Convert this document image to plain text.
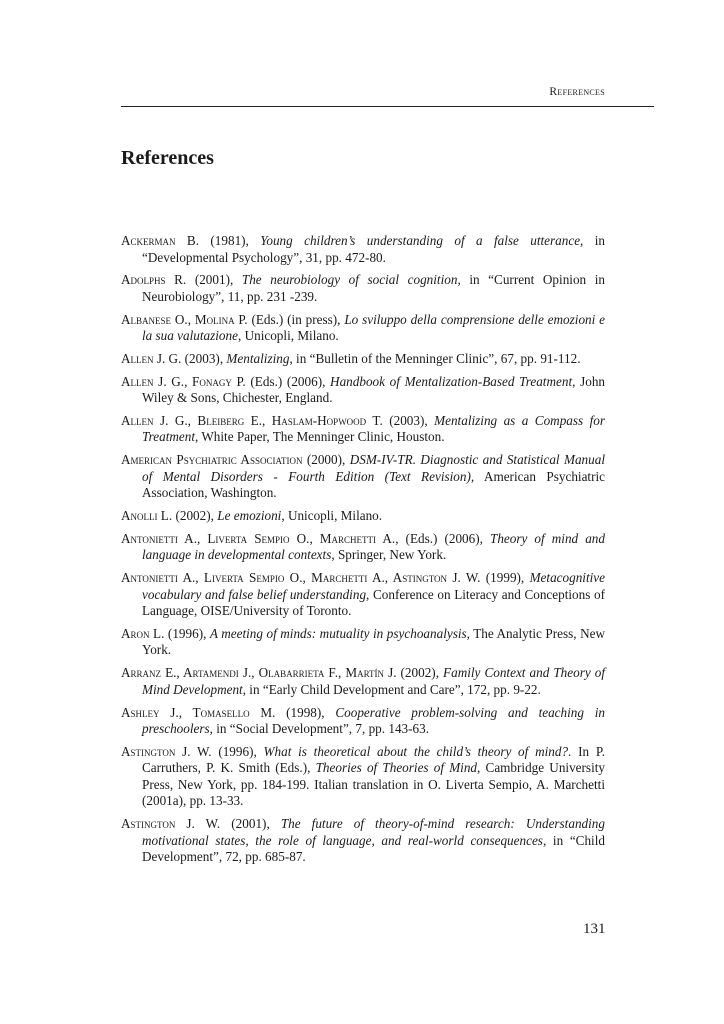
References
References

Ackerman B. (1981), Young children’s understanding of a false utterance, in “Developmental Psychology”, 31, pp. 472-80.

Adolphs R. (2001), The neurobiology of social cognition, in “Current Opinion in Neurobiology”, 11, pp. 231 -239.

Albanese O., Molina P. (Eds.) (in press), Lo sviluppo della comprensione delle emozioni e la sua valutazione, Unicopli, Milano.

Allen J. G. (2003), Mentalizing, in “Bulletin of the Menninger Clinic”, 67, pp. 91-112.

Allen J. G., Fonagy P. (Eds.) (2006), Handbook of Mentalization-Based Treatment, John Wiley & Sons, Chichester, England.

Allen J. G., Bleiberg E., Haslam-Hopwood T. (2003), Mentalizing as a Compass for Treatment, White Paper, The Menninger Clinic, Houston.

American Psychiatric Association (2000), DSM-IV-TR. Diagnostic and Statistical Manual of Mental Disorders - Fourth Edition (Text Revision), American Psychiatric Association, Washington.

Anolli L. (2002), Le emozioni, Unicopli, Milano.

Antonietti A., Liverta Sempio O., Marchetti A., (Eds.) (2006), Theory of mind and language in developmental contexts, Springer, New York.

Antonietti A., Liverta Sempio O., Marchetti A., Astington J. W. (1999), Metacognitive vocabulary and false belief understanding, Conference on Literacy and Conceptions of Language, OISE/University of Toronto.

Aron L. (1996), A meeting of minds: mutuality in psychoanalysis, The Analytic Press, New York.

Arranz E., Artamendi J., Olabarrieta F., Martín J. (2002), Family Context and Theory of Mind Development, in “Early Child Development and Care”, 172, pp. 9-22.

Ashley J., Tomasello M. (1998), Cooperative problem-solving and teaching in preschoolers, in “Social Development”, 7, pp. 143-63.

Astington J. W. (1996), What is theoretical about the child’s theory of mind?. In P. Carruthers, P. K. Smith (Eds.), Theories of Theories of Mind, Cambridge University Press, New York, pp. 184-199. Italian translation in O. Liverta Sempio, A. Marchetti (2001a), pp. 13-33.

Astington J. W. (2001), The future of theory-of-mind research: Understanding motivational states, the role of language, and real-world consequences, in “Child Development”, 72, pp. 685-87.

131
